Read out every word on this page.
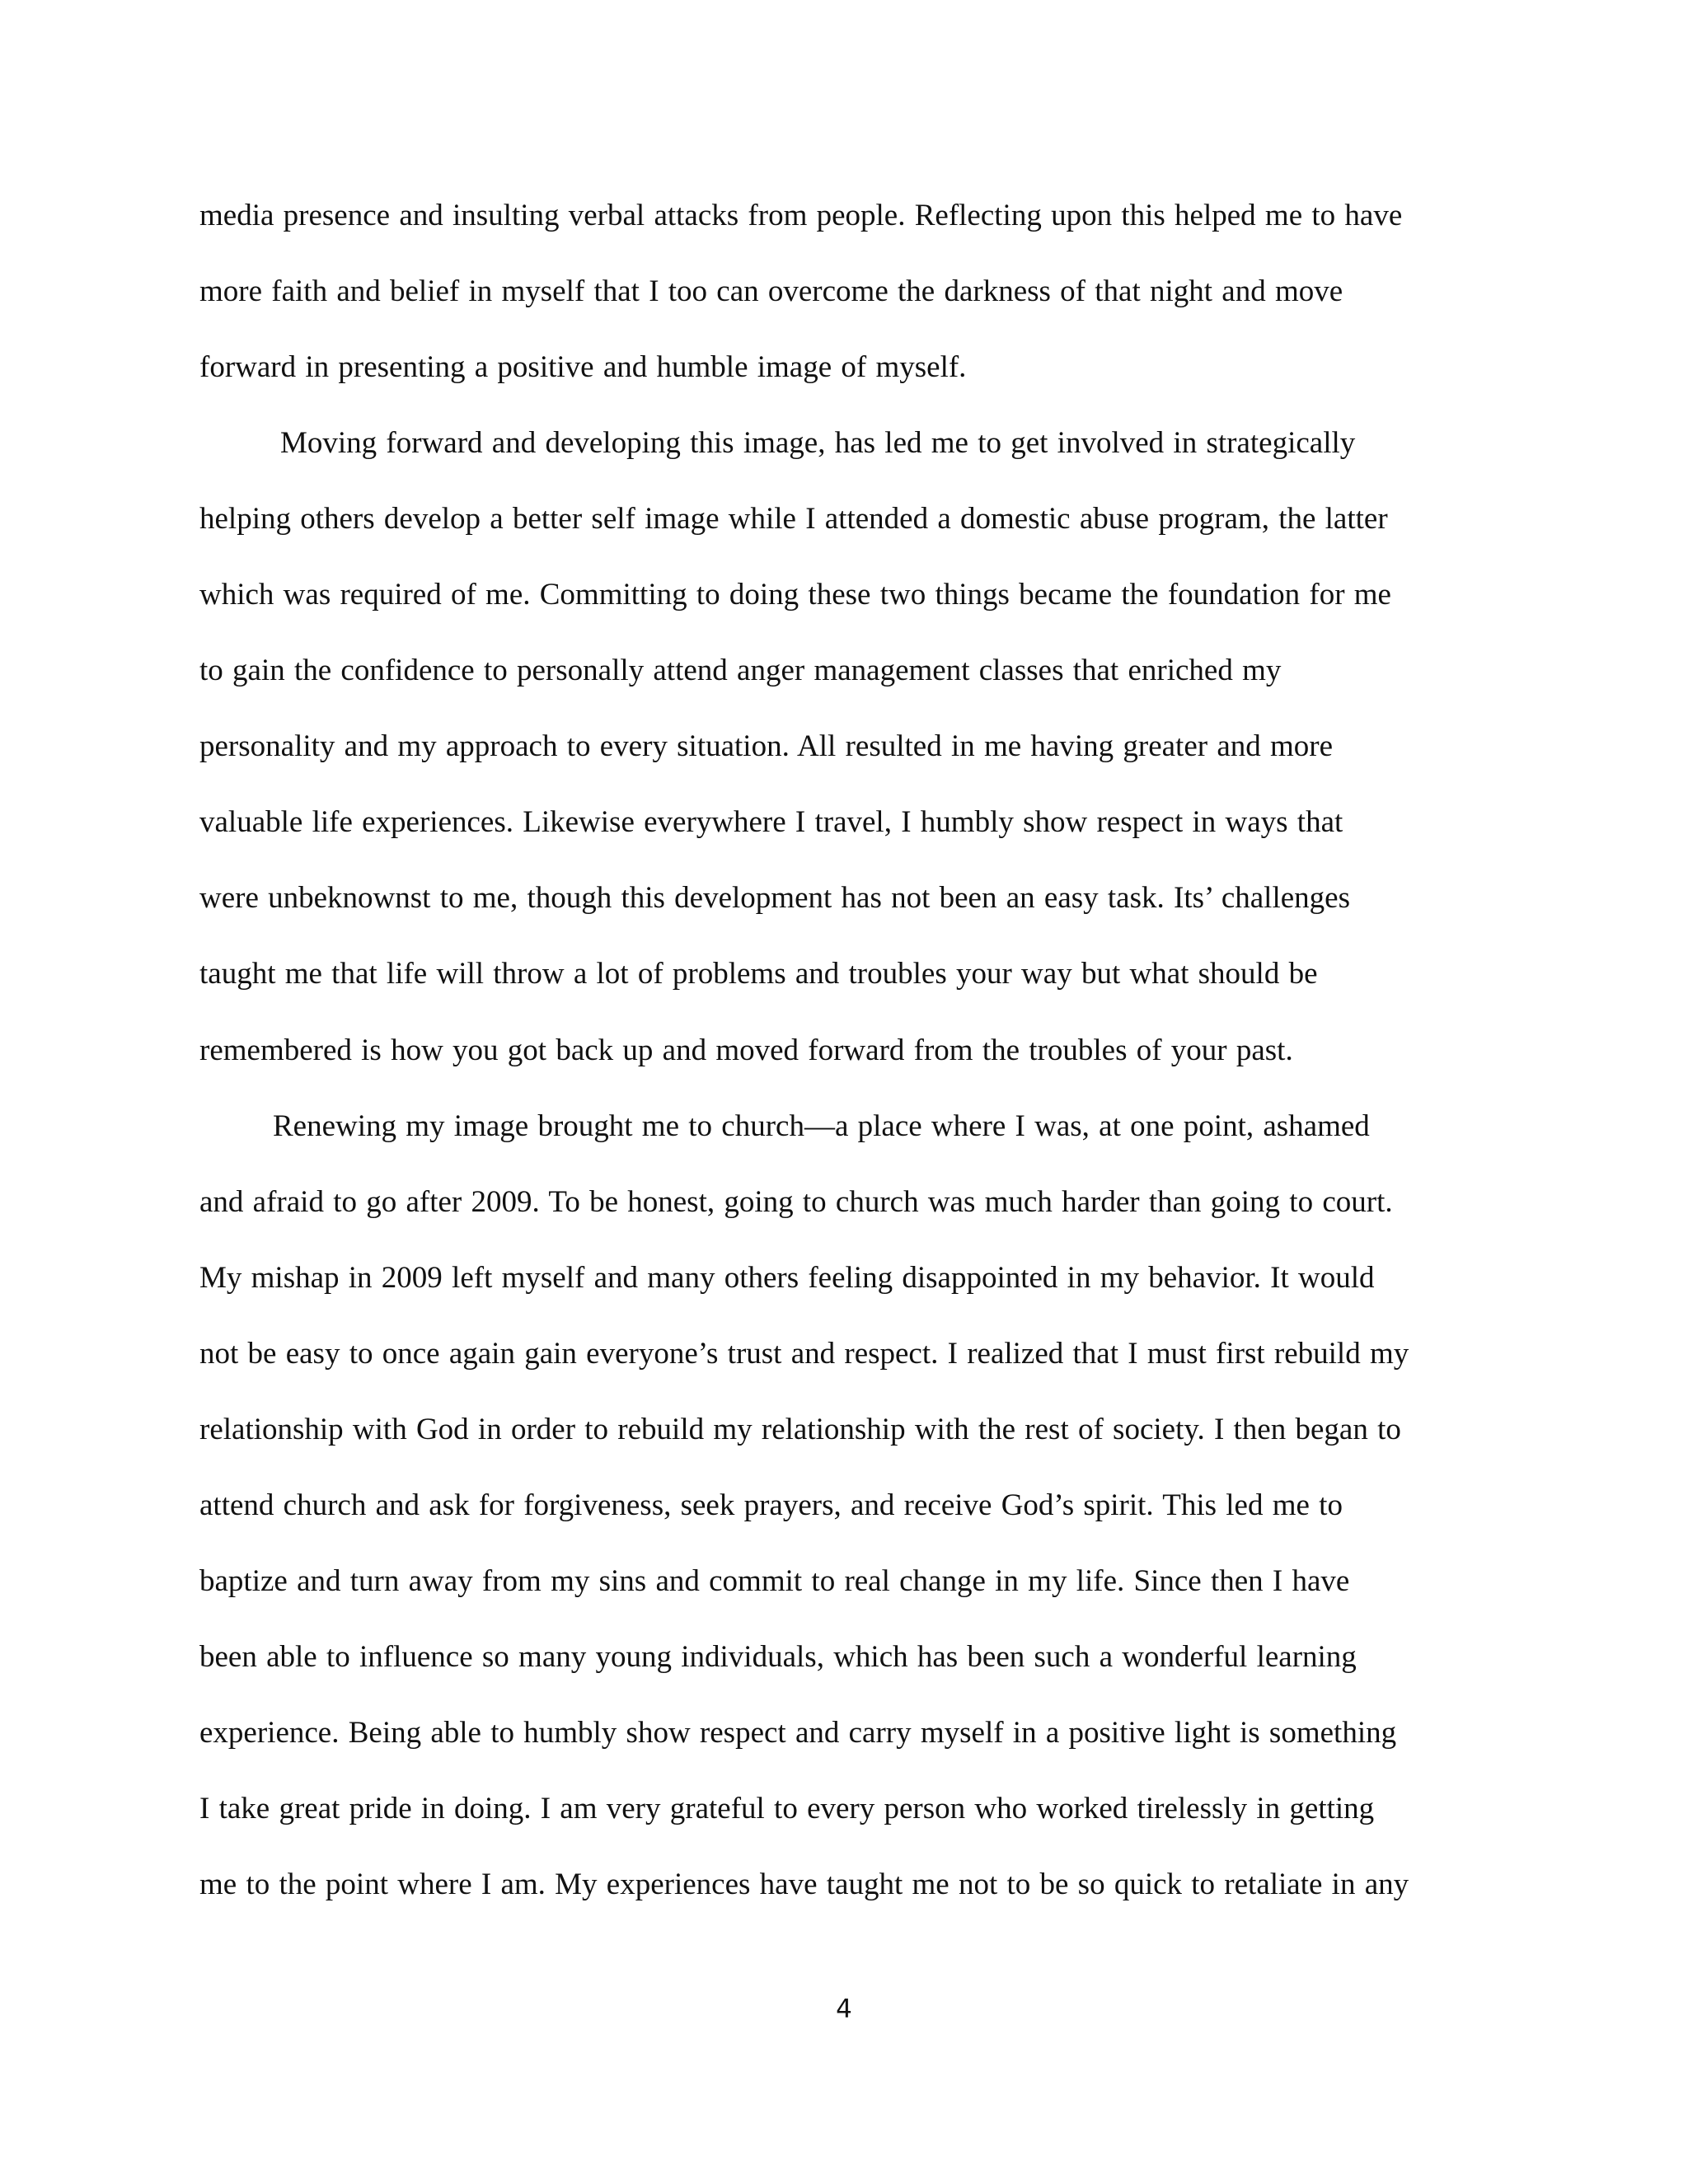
media presence and insulting verbal attacks from people. Reflecting upon this helped me to have
more faith and belief in myself that I too can overcome the darkness of that night and move
forward in presenting a positive and humble image of myself.
Moving forward and developing this image, has led me to get involved in strategically
helping others develop a better self image while I attended a domestic abuse program, the latter
which was required of me. Committing to doing these two things became the foundation for me
to gain the confidence to personally attend anger management classes that enriched my
personality and my approach to every situation. All resulted in me having greater and more
valuable life experiences. Likewise everywhere I travel, I humbly show respect in ways that
were unbeknownst to me, though this development has not been an easy task. Its’ challenges
taught me that life will throw a lot of problems and troubles your way but what should be
remembered is how you got back up and moved forward from the troubles of your past.
Renewing my image brought me to church—a place where I was, at one point, ashamed
and afraid to go after 2009. To be honest, going to church was much harder than going to court.
My mishap in 2009 left myself and many others feeling disappointed in my behavior. It would
not be easy to once again gain everyone’s trust and respect. I realized that I must first rebuild my
relationship with God in order to rebuild my relationship with the rest of society. I then began to
attend church and ask for forgiveness, seek prayers, and receive God’s spirit. This led me to
baptize and turn away from my sins and commit to real change in my life. Since then I have
been able to influence so many young individuals, which has been such a wonderful learning
experience. Being able to humbly show respect and carry myself in a positive light is something
I take great pride in doing. I am very grateful to every person who worked tirelessly in getting
me to the point where I am. My experiences have taught me not to be so quick to retaliate in any
4
